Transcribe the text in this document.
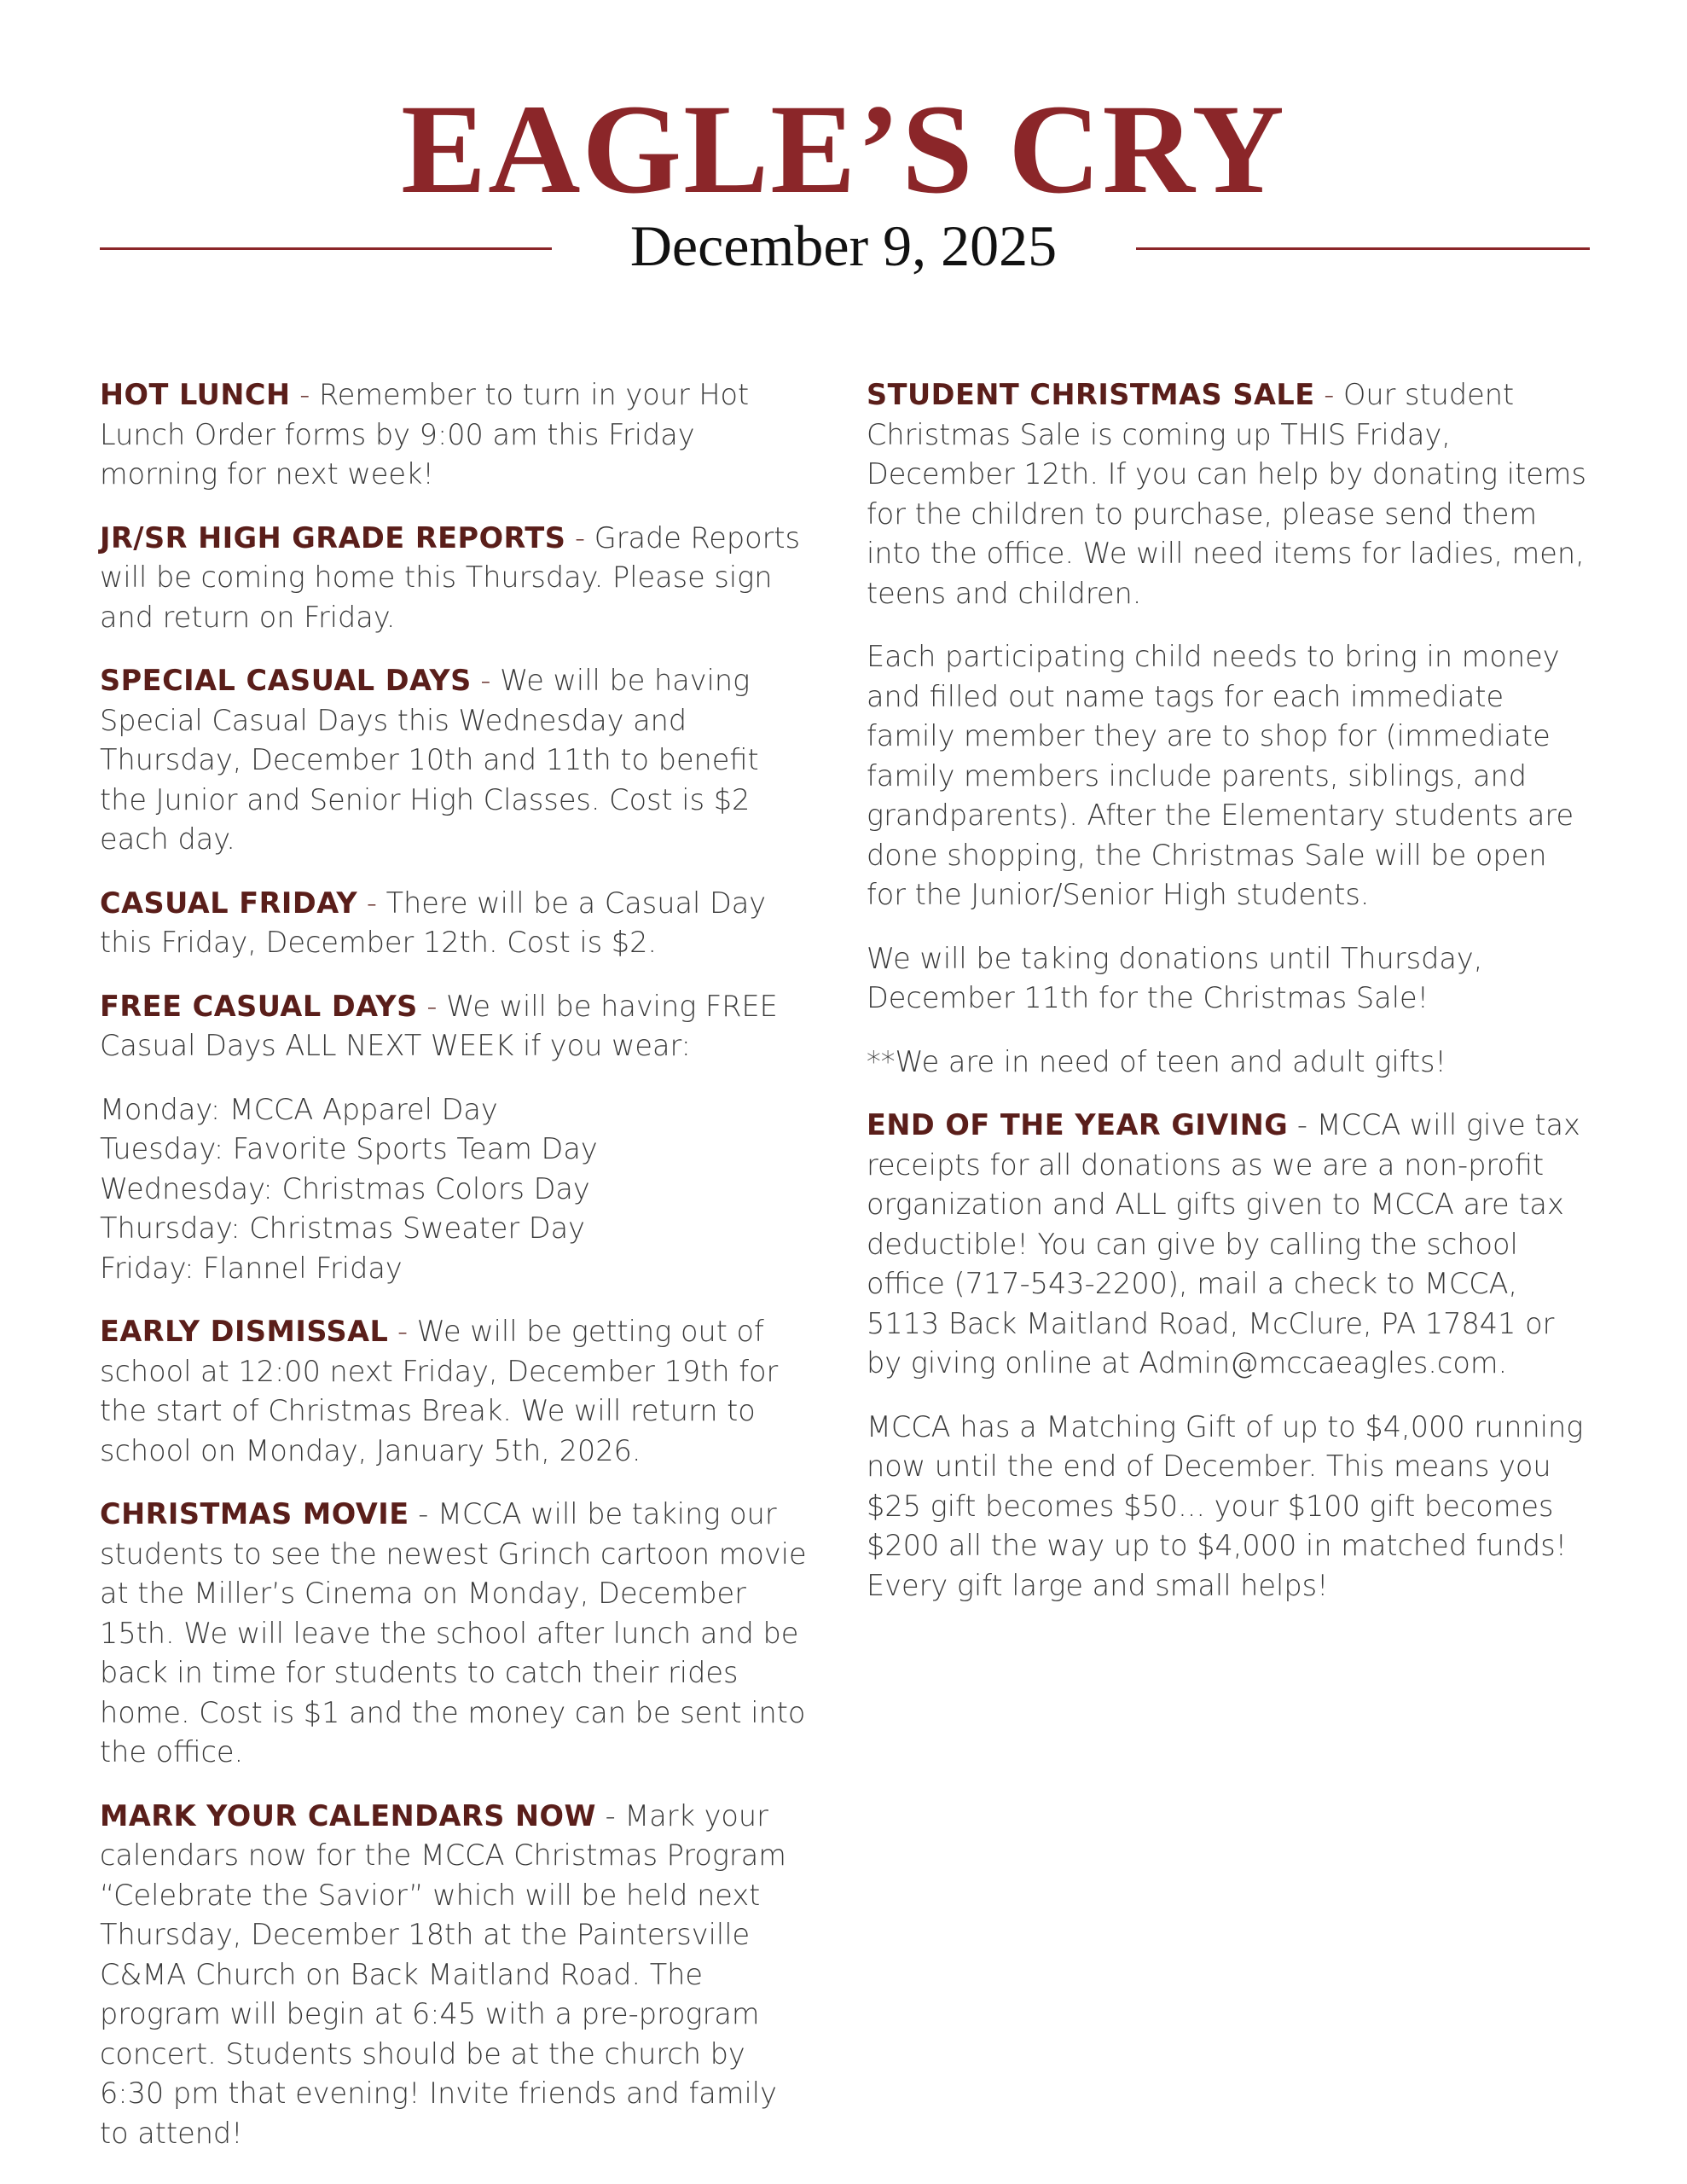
EAGLE’S CRY
December 9, 2025

HOT LUNCH - Remember to turn in your Hot Lunch Order forms by 9:00 am this Friday morning for next week!

JR/SR HIGH GRADE REPORTS - Grade Reports will be coming home this Thursday. Please sign and return on Friday.

SPECIAL CASUAL DAYS - We will be having Special Casual Days this Wednesday and Thursday, December 10th and 11th to benefit the Junior and Senior High Classes. Cost is $2 each day.

CASUAL FRIDAY - There will be a Casual Day this Friday, December 12th. Cost is $2.

FREE CASUAL DAYS - We will be having FREE Casual Days ALL NEXT WEEK if you wear:

Monday: MCCA Apparel Day
Tuesday: Favorite Sports Team Day
Wednesday: Christmas Colors Day
Thursday: Christmas Sweater Day
Friday: Flannel Friday

EARLY DISMISSAL - We will be getting out of school at 12:00 next Friday, December 19th for the start of Christmas Break. We will return to school on Monday, January 5th, 2026.

CHRISTMAS MOVIE - MCCA will be taking our students to see the newest Grinch cartoon movie at the Miller’s Cinema on Monday, December 15th. We will leave the school after lunch and be back in time for students to catch their rides home. Cost is $1 and the money can be sent into the office.

MARK YOUR CALENDARS NOW - Mark your calendars now for the MCCA Christmas Program “Celebrate the Savior” which will be held next Thursday, December 18th at the Paintersville C&MA Church on Back Maitland Road. The program will begin at 6:45 with a pre-program concert. Students should be at the church by 6:30 pm that evening! Invite friends and family to attend!

STUDENT CHRISTMAS SALE - Our student Christmas Sale is coming up THIS Friday, December 12th. If you can help by donating items for the children to purchase, please send them into the office. We will need items for ladies, men, teens and children.

Each participating child needs to bring in money and filled out name tags for each immediate family member they are to shop for (immediate family members include parents, siblings, and grandparents). After the Elementary students are done shopping, the Christmas Sale will be open for the Junior/Senior High students.

We will be taking donations until Thursday, December 11th for the Christmas Sale!

**We are in need of teen and adult gifts!

END OF THE YEAR GIVING - MCCA will give tax receipts for all donations as we are a non-profit organization and ALL gifts given to MCCA are tax deductible! You can give by calling the school office (717-543-2200), mail a check to MCCA, 5113 Back Maitland Road, McClure, PA 17841 or by giving online at Admin@mccaeagles.com.

MCCA has a Matching Gift of up to $4,000 running now until the end of December. This means you $25 gift becomes $50... your $100 gift becomes $200 all the way up to $4,000 in matched funds! Every gift large and small helps!
